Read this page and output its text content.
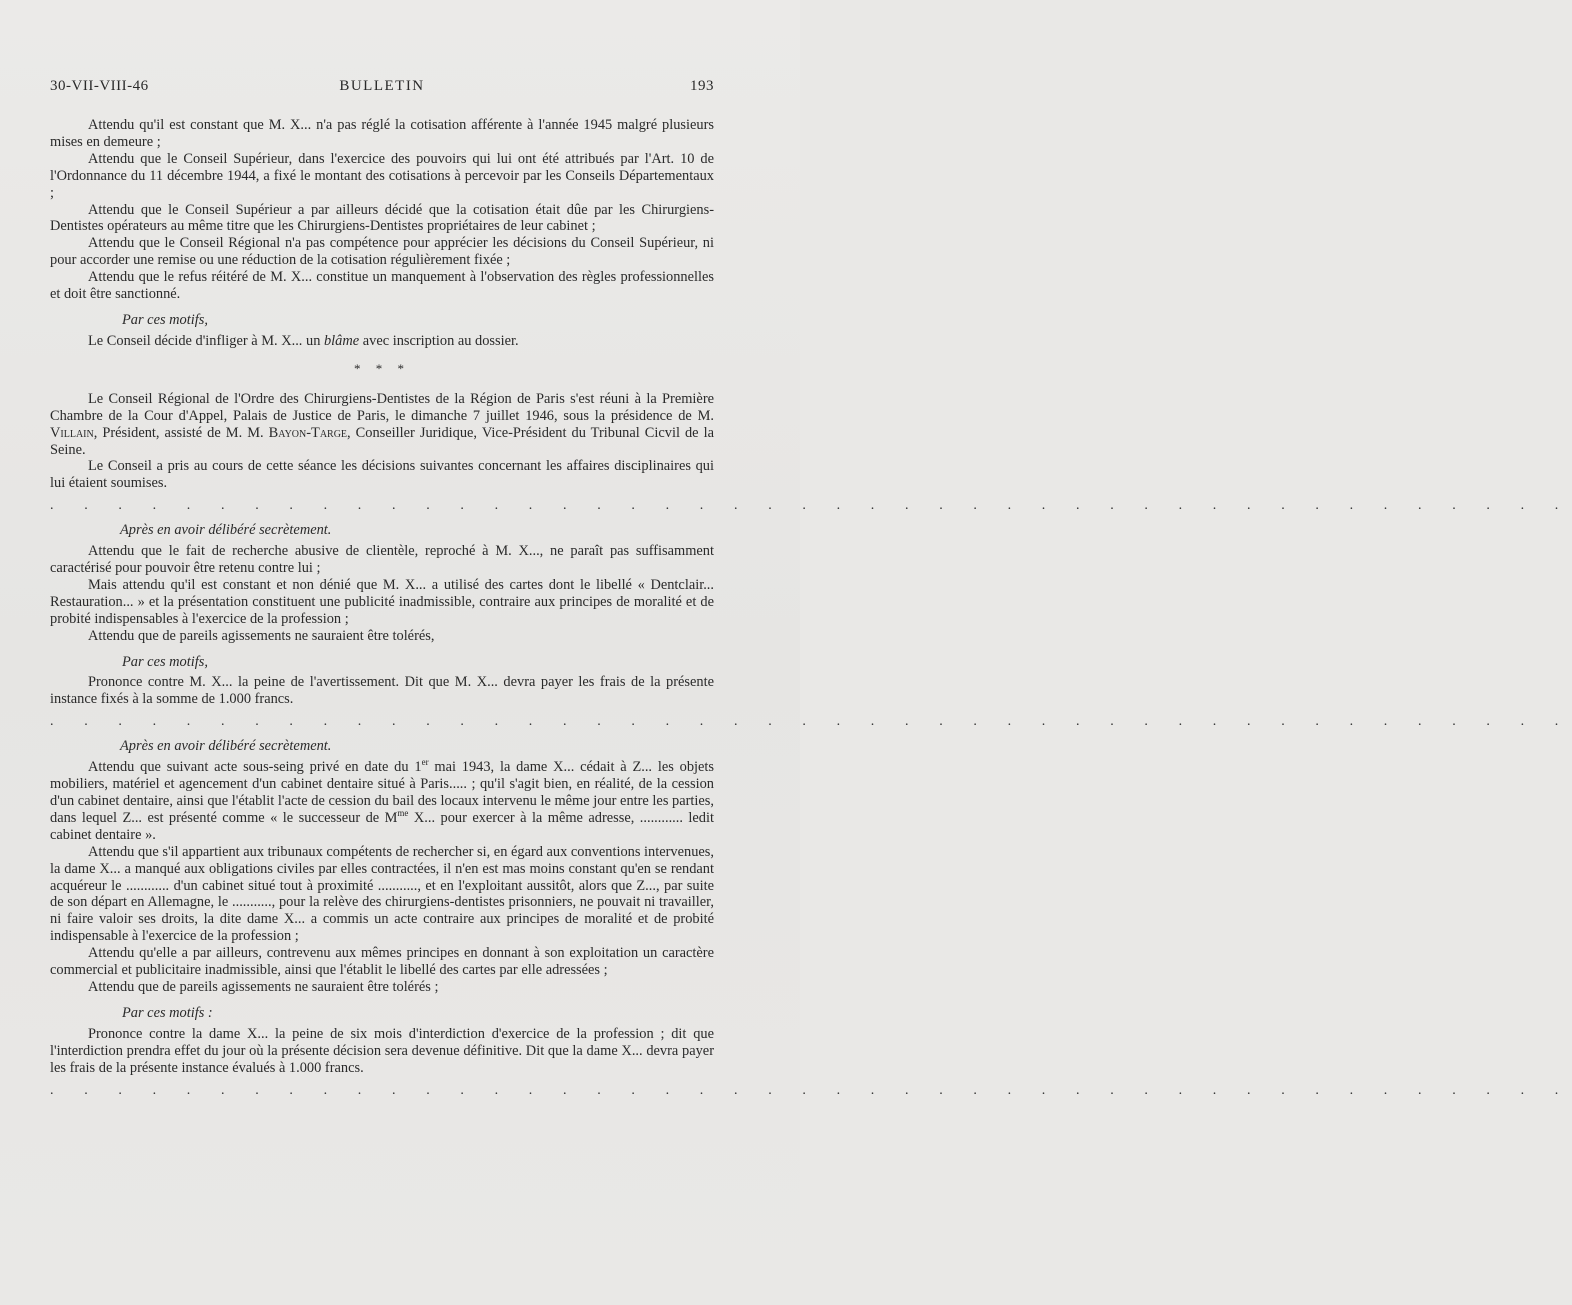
30-VII-VIII-46	BULLETIN	193

Attendu qu'il est constant que M. X... n'a pas réglé la cotisation afférente à l'année 1945 malgré plusieurs mises en demeure ;

Attendu que le Conseil Supérieur, dans l'exercice des pouvoirs qui lui ont été attribués par l'Art. 10 de l'Ordonnance du 11 décembre 1944, a fixé le montant des cotisations à percevoir par les Conseils Départementaux ;

Attendu que le Conseil Supérieur a par ailleurs décidé que la cotisation était dûe par les Chirurgiens-Dentistes opérateurs au même titre que les Chirurgiens-Dentistes propriétaires de leur cabinet ;

Attendu que le Conseil Régional n'a pas compétence pour apprécier les décisions du Conseil Supérieur, ni pour accorder une remise ou une réduction de la cotisation régulièrement fixée ;

Attendu que le refus réitéré de M. X... constitue un manquement à l'observation des règles professionnelles et doit être sanctionné.

Par ces motifs,

Le Conseil décide d'infliger à M. X... un blâme avec inscription au dossier.

* * *

Le Conseil Régional de l'Ordre des Chirurgiens-Dentistes de la Région de Paris s'est réuni à la Première Chambre de la Cour d'Appel, Palais de Justice de Paris, le dimanche 7 juillet 1946, sous la présidence de M. Villain, Président, assisté de M. M. Bayon-Targe, Conseiller Juridique, Vice-Président du Tribunal Cicvil de la Seine.

Le Conseil a pris au cours de cette séance les décisions suivantes concernant les affaires disciplinaires qui lui étaient soumises.

. . . . . . . . . . . . . . . . . . . . . . . . . . . . . . . . . . . . . . . . . . . . .

Après en avoir délibéré secrètement.

Attendu que le fait de recherche abusive de clientèle, reproché à M. X..., ne paraît pas suffisamment caractérisé pour pouvoir être retenu contre lui ;

Mais attendu qu'il est constant et non dénié que M. X... a utilisé des cartes dont le libellé « Dentclair... Restauration... » et la présentation constituent une publicité inadmissible, contraire aux principes de moralité et de probité indispensables à l'exercice de la profession ;

Attendu que de pareils agissements ne sauraient être tolérés,

Par ces motifs,

Prononce contre M. X... la peine de l'avertissement. Dit que M. X... devra payer les frais de la présente instance fixés à la somme de 1.000 francs.

. . . . . . . . . . . . . . . . . . . . . . . . . . . . . . . . . . . . . . . . . . . . .

Après en avoir délibéré secrètement.

Attendu que suivant acte sous-seing privé en date du 1er mai 1943, la dame X... cédait à Z... les objets mobiliers, matériel et agencement d'un cabinet dentaire situé à Paris..... ; qu'il s'agit bien, en réalité, de la cession d'un cabinet dentaire, ainsi que l'établit l'acte de cession du bail des locaux intervenu le même jour entre les parties, dans lequel Z... est présenté comme « le successeur de $M^{me}$ X... pour exercer à la même adresse, ............ ledit cabinet dentaire ».

Attendu que s'il appartient aux tribunaux compétents de rechercher si, en égard aux conventions intervenues, la dame X... a manqué aux obligations civiles par elles contractées, il n'en est mas moins constant qu'en se rendant acquéreur le ............ d'un cabinet situé tout à proximité ..........., et en l'exploitant aussitôt, alors que Z..., par suite de son départ en Allemagne, le ..........., pour la relève des chirurgiens-dentistes prisonniers, ne pouvait ni travailler, ni faire valoir ses droits, la dite dame X... a commis un acte contraire aux principes de moralité et de probité indispensable à l'exercice de la profession ;

Attendu qu'elle a par ailleurs, contrevenu aux mêmes principes en donnant à son exploitation un caractère commercial et publicitaire inadmissible, ainsi que l'établit le libellé des cartes par elle adressées ;

Attendu que de pareils agissements ne sauraient être tolérés ;

Par ces motifs :

Prononce contre la dame X... la peine de six mois d'interdiction d'exercice de la profession ; dit que l'interdiction prendra effet du jour où la présente décision sera devenue définitive. Dit que la dame X... devra payer les frais de la présente instance évalués à 1.000 francs.

. . . . . . . . . . . . . . . . . . . . . . . . . . . . . . . . . . . . . . . . . . . . .
